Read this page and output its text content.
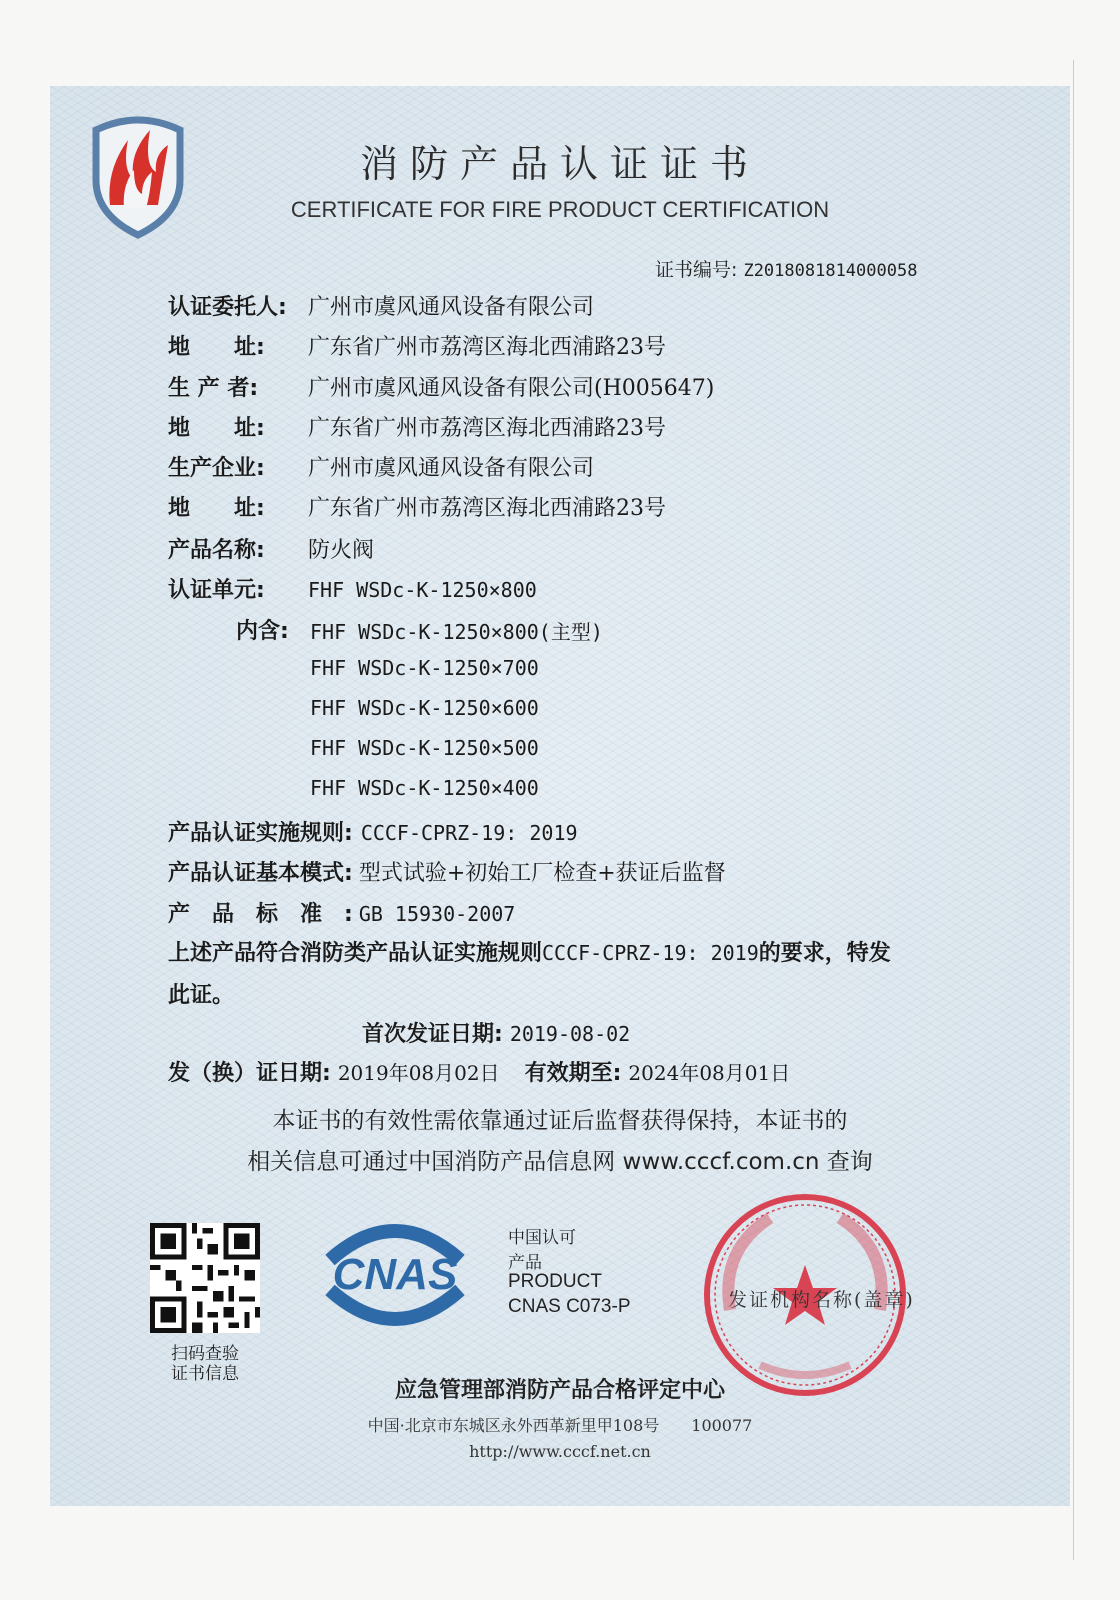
消防产品认证证书
CERTIFICATE FOR FIRE PRODUCT CERTIFICATION
证书编号: Z2018081814000058
认证委托人: 广州市虞风通风设备有限公司
地　　址: 广东省广州市荔湾区海北西浦路23号
生 产 者: 广州市虞风通风设备有限公司(H005647)
地　　址: 广东省广州市荔湾区海北西浦路23号
生产企业: 广州市虞风通风设备有限公司
地　　址: 广东省广州市荔湾区海北西浦路23号
产品名称: 防火阀
认证单元: FHF WSDc-K-1250×800
内含: FHF WSDc-K-1250×800(主型)
FHF WSDc-K-1250×700
FHF WSDc-K-1250×600
FHF WSDc-K-1250×500
FHF WSDc-K-1250×400
产品认证实施规则: CCCF-CPRZ-19: 2019
产品认证基本模式: 型式试验+初始工厂检查+获证后监督
产　品　标　准　: GB 15930-2007
上述产品符合消防类产品认证实施规则CCCF-CPRZ-19: 2019的要求，特发
此证。
首次发证日期: 2019-08-02
发（换）证日期: 2019年08月02日 有效期至: 2024年08月01日
本证书的有效性需依靠通过证后监督获得保持，本证书的
相关信息可通过中国消防产品信息网 www.cccf.com.cn 查询
扫码查验
证书信息
CNAS
中国认可
产品
PRODUCT
CNAS C073-P	发证机构名称(盖章)
应急管理部消防产品合格评定中心
中国·北京市东城区永外西革新里甲108号　　100077
http://www.cccf.net.cn
